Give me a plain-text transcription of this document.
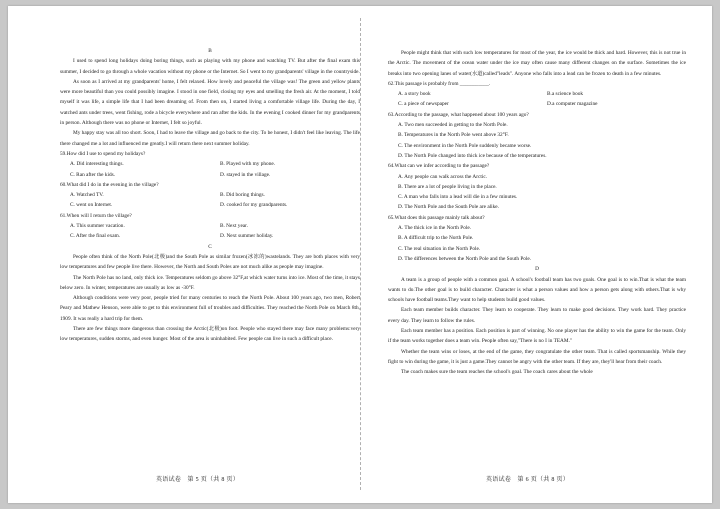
B

I used to spend long holidays doing boring things, such as playing with my phone and watching TV. But after the final exam this summer, I decided to go through a whole vacation without my phone or the Internet. So I went to my grandparents' village in the countryside.

As soon as I arrived at my grandparents' home, I felt relaxed. How lovely and peaceful the village was! The green and yellow plants were more beautiful than you could possibly imagine. I stood in one field, closing my eyes and smelling the fresh air. At the moment, I told myself it was life, a simple life that I had been dreaming of. From then on, I started living a comfortable village life. During the day, I watched ants under trees, went fishing, rode a bicycle everywhere and ran after the kids. In the evening I cooked dinner for my grandparents in person. Although there was no phone or Internet, I felt so joyful.

My happy stay was all too short. Soon, I had to leave the village and go back to the city. To be honest, I didn't feel like leaving. The life there changed me a lot and influenced me greatly.I will return there next summer holiday.

59.How did I use to spend my holidays?

A. Did interesting things.	B. Played with my phone.
C. Ran after the kids.	D. stayed in the village.

60.What did I do in the evening in the village?

A. Watched TV.	B. Did boring things.
C. went on Internet.	D. cooked for my grandparents.

61.When will I return the village?

A. This summer vacation.	B. Next year.
C. After the final exam.	D. Next summer holiday.

C

People often think of the North Pole(北极)and the South Pole as similar frozen(冰冻的)wastelands. They are both places with very low temperatures and few people live there. However, the North and South Poles are not much alike as people may imagine.

The North Pole has no land, only thick ice. Temperatures seldom go above 32°F,at which water turns into ice. Most of the time, it stays below zero. In winter, temperatures are usually as low as -30°F.

Although conditions were very poor, people tried for many centuries to reach the North Pole. About 100 years ago, two men, Robert Peary and Mathew Henson, were able to get to this environment full of troubles and difficulties. They reached the North Pole on March 8th, 1909. It was really a hard trip for them.

There are few things more dangerous than crossing the Arctic(北极)on foot. People who stayed there may face many problems:very low temperatures, sudden storms, and even hunger. Most of the area is uninhabited. Few people can live in such a difficult place.

英语试卷　第 5 页（共 8 页）

People might think that with such low temperatures for most of the year, the ice would be thick and hard. However, this is not true in the Arctic. The movement of the ocean water under the ice may often cause many different changes on the surface. Sometimes the ice breaks into two opening lanes of water(水道)called"leads". Anyone who falls into a lead can be frozen to death in a few minutes.

62.This passage is probably from ___________.

A. a story book	B.a science book
C. a piece of newspaper	D.a computer magazine

63.According to the passage, what happened about 100 years ago?

A. Two men succeeded in getting to the North Pole.

B. Temperatures in the North Pole went above 32°F.

C. The environment in the North Pole suddenly became worse.

D. The North Pole changed into thick ice because of the temperatures.

64.What can we infer according to the passage?

A. Any people can walk across the Arctic.

B. There are a lot of people living in the place.

C. A man who falls into a lead will die in a few minutes.

D. The North Pole and the South Pole are alike.

65.What does this passage mainly talk about?

A. The thick ice in the North Pole.

B. A difficult trip to the North Pole.

C. The real situation in the North Pole.

D. The differences between the North Pole and the South Pole.

D

A team is a group of people with a common goal. A school's football team has two goals. One goal is to win.That is what the team wants to do.The other goal is to build character. Character is what a person values and how a person gets along with others.That is why schools have football teams.They want to help students build good values.

Each team member builds character. They learn to cooperate. They learn to make good decisions. They work hard. They practice every day. They learn to follow the rules.

Each team member has a position. Each position is part of winning. No one player has the ability to win the game for the team. Only if the team works together does a team win. People often say,"There is no I in TEAM."

Whether the team wins or loses, at the end of the game, they congratulate the other team. That is called sportsmanship. While they fight to win during the game, it is just a game.They cannot be angry with the other team. If they are, they'll hear from their coach.

The coach makes sure the team reaches the school's goal. The coach cares about the whole

英语试卷　第 6 页（共 8 页）
